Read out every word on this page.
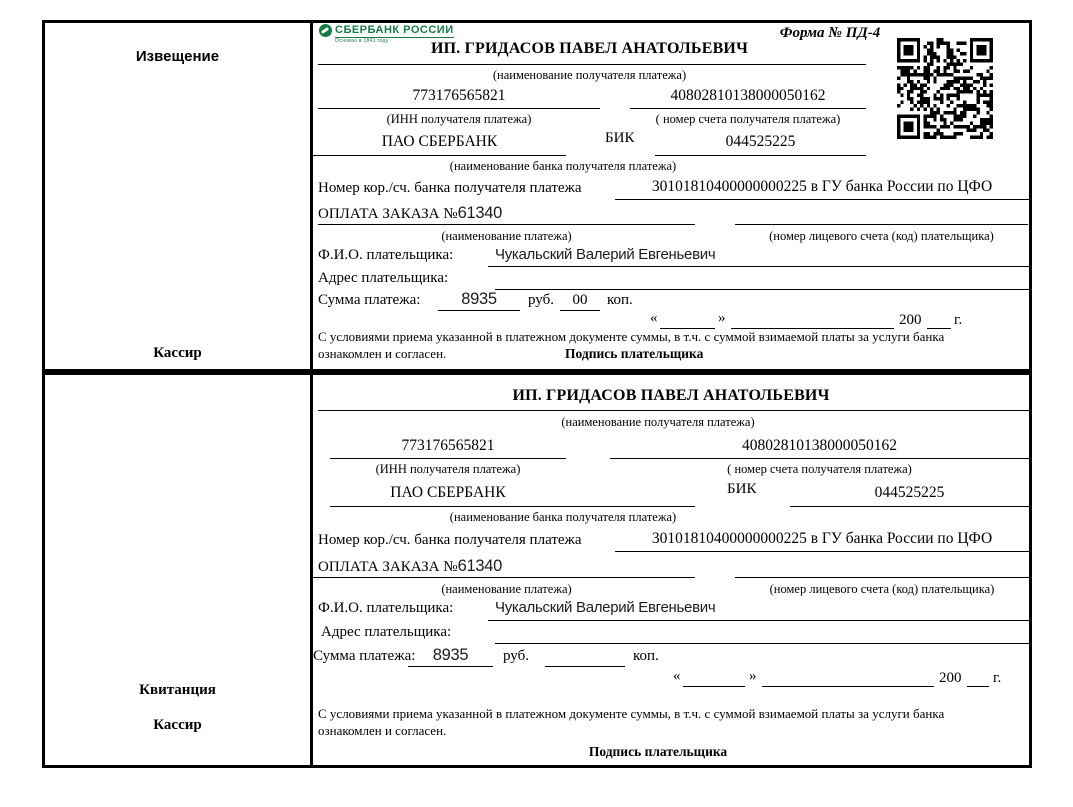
Извещение
Кассир
СБЕРБАНК РОССИИ
Основан в 1841 году	Форма № ПД-4
ИП. ГРИДАСОВ ПАВЕЛ АНАТОЛЬЕВИЧ
(наименование получателя платежа)
773176565821	40802810138000050162
(ИНН получателя платежа)	( номер счета получателя платежа)
ПАО СБЕРБАНК	БИК	044525225
(наименование банка получателя платежа)
Номер кор./сч. банка получателя платежа	30101810400000000225 в ГУ банка России по ЦФО
ОПЛАТА ЗАКАЗА №61340
(наименование платежа)	(номер лицевого счета (код) плательщика)
Ф.И.О. плательщика:	Чукальский Валерий Евгеньевич
Адрес плательщика:
Сумма платежа:	8935	руб.	00	коп.
«	»	200 г.
С условиями приема указанной в платежном документе суммы, в т.ч. с суммой взимаемой платы за услуги банка
ознакомлен и согласен.	Подпись плательщика
Квитанция
Кассир
ИП. ГРИДАСОВ ПАВЕЛ АНАТОЛЬЕВИЧ
(наименование получателя платежа)
773176565821	40802810138000050162
(ИНН получателя платежа)	( номер счета получателя платежа)
ПАО СБЕРБАНК	БИК	044525225
(наименование банка получателя платежа)
Номер кор./сч. банка получателя платежа	30101810400000000225 в ГУ банка России по ЦФО
ОПЛАТА ЗАКАЗА №61340
(наименование платежа)	(номер лицевого счета (код) плательщика)
Ф.И.О. плательщика:	Чукальский Валерий Евгеньевич
Адрес плательщика:
Сумма платежа:	8935	руб.	коп.
«	»	200 г.
С условиями приема указанной в платежном документе суммы, в т.ч. с суммой взимаемой платы за услуги банка
ознакомлен и согласен.
Подпись плательщика
